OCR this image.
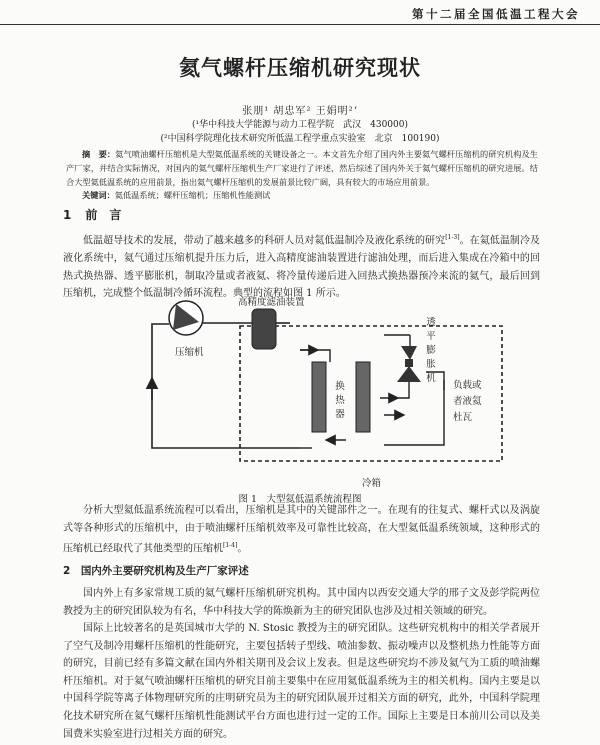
第十二届全国低温工程大会
氦气螺杆压缩机研究现状
张朋¹ 胡忠军² 王娟明²ʼ
(¹华中科技大学能源与动力工程学院　武汉　430000)
(²中国科学院理化技术研究所低温工程学重点实验室　北京　100190)
摘　要：氦气喷油螺杆压缩机是大型氦低温系统的关键设备之一。本文首先介绍了国内外主要氦气螺杆压缩机的研究机构及生产厂家，并结合实际情况，对国内的氦气螺杆压缩机生产厂家进行了评述，然后综述了国内外关于氦气螺杆压缩机的研究进展。结合大型氦低温系统的应用前景，指出氦气螺杆压缩机的发展前景比较广阔，具有较大的市场应用前景。
关键词：氦低温系统；螺杆压缩机；压缩机性能测试
1 前　言
低温超导技术的发展，带动了越来越多的科研人员对氦低温制冷及液化系统的研究[1-3]。在氦低温制冷及液化系统中，氦气通过压缩机提升压力后，进入高精度滤油装置进行滤油处理，而后进入集成在冷箱中的回热式换热器、透平膨胀机，制取冷量或者液氦、将冷量传递后进入回热式换热器预冷来流的氦气，最后回到压缩机，完成整个低温制冷循环流程。典型的流程如图 1 所示。
高精度滤油装置
压缩机
换热器
透平膨胀机
负载或者液氦杜瓦
冷箱
图 1　大型氦低温系统流程图
分析大型氦低温系统流程可以看出，压缩机是其中的关键部件之一。在现有的往复式、螺杆式以及涡旋式等各种形式的压缩机中，由于喷油螺杆压缩机效率及可靠性比较高，在大型氦低温系统领域，这种形式的压缩机已经取代了其他类型的压缩机[1-4]。
2　 国内外主要研究机构及生产厂家评述
国内外上有多家常规工质的氦气螺杆压缩机研究机构。其中国内以西安交通大学的邢子文及彭学院两位教授为主的研究团队较为有名，华中科技大学的陈焕新为主的研究团队也涉及过相关领域的研究。
国际上比较著名的是英国城市大学的 N. Stosic 教授为主的研究团队。这些研究机构中的相关学者展开了空气及制冷用螺杆压缩机的性能研究，主要包括转子型线、喷油参数、振动噪声以及整机热力性能等方面的研究，目前已经有多篇文献在国内外相关期刊及会议上发表。但是这些研究均不涉及氦气为工质的喷油螺杆压缩机。对于氦气喷油螺杆压缩机的研究目前主要集中在应用氦低温系统为主的相关机构。国内主要是以中国科学院等离子体物理研究所的庄明研究员为主的研究团队展开过相关方面的研究，此外，中国科学院理化技术研究所在氦气螺杆压缩机性能测试平台方面也进行过一定的工作。国际上主要是日本前川公司以及美国费米实验室进行过相关方面的研究。
